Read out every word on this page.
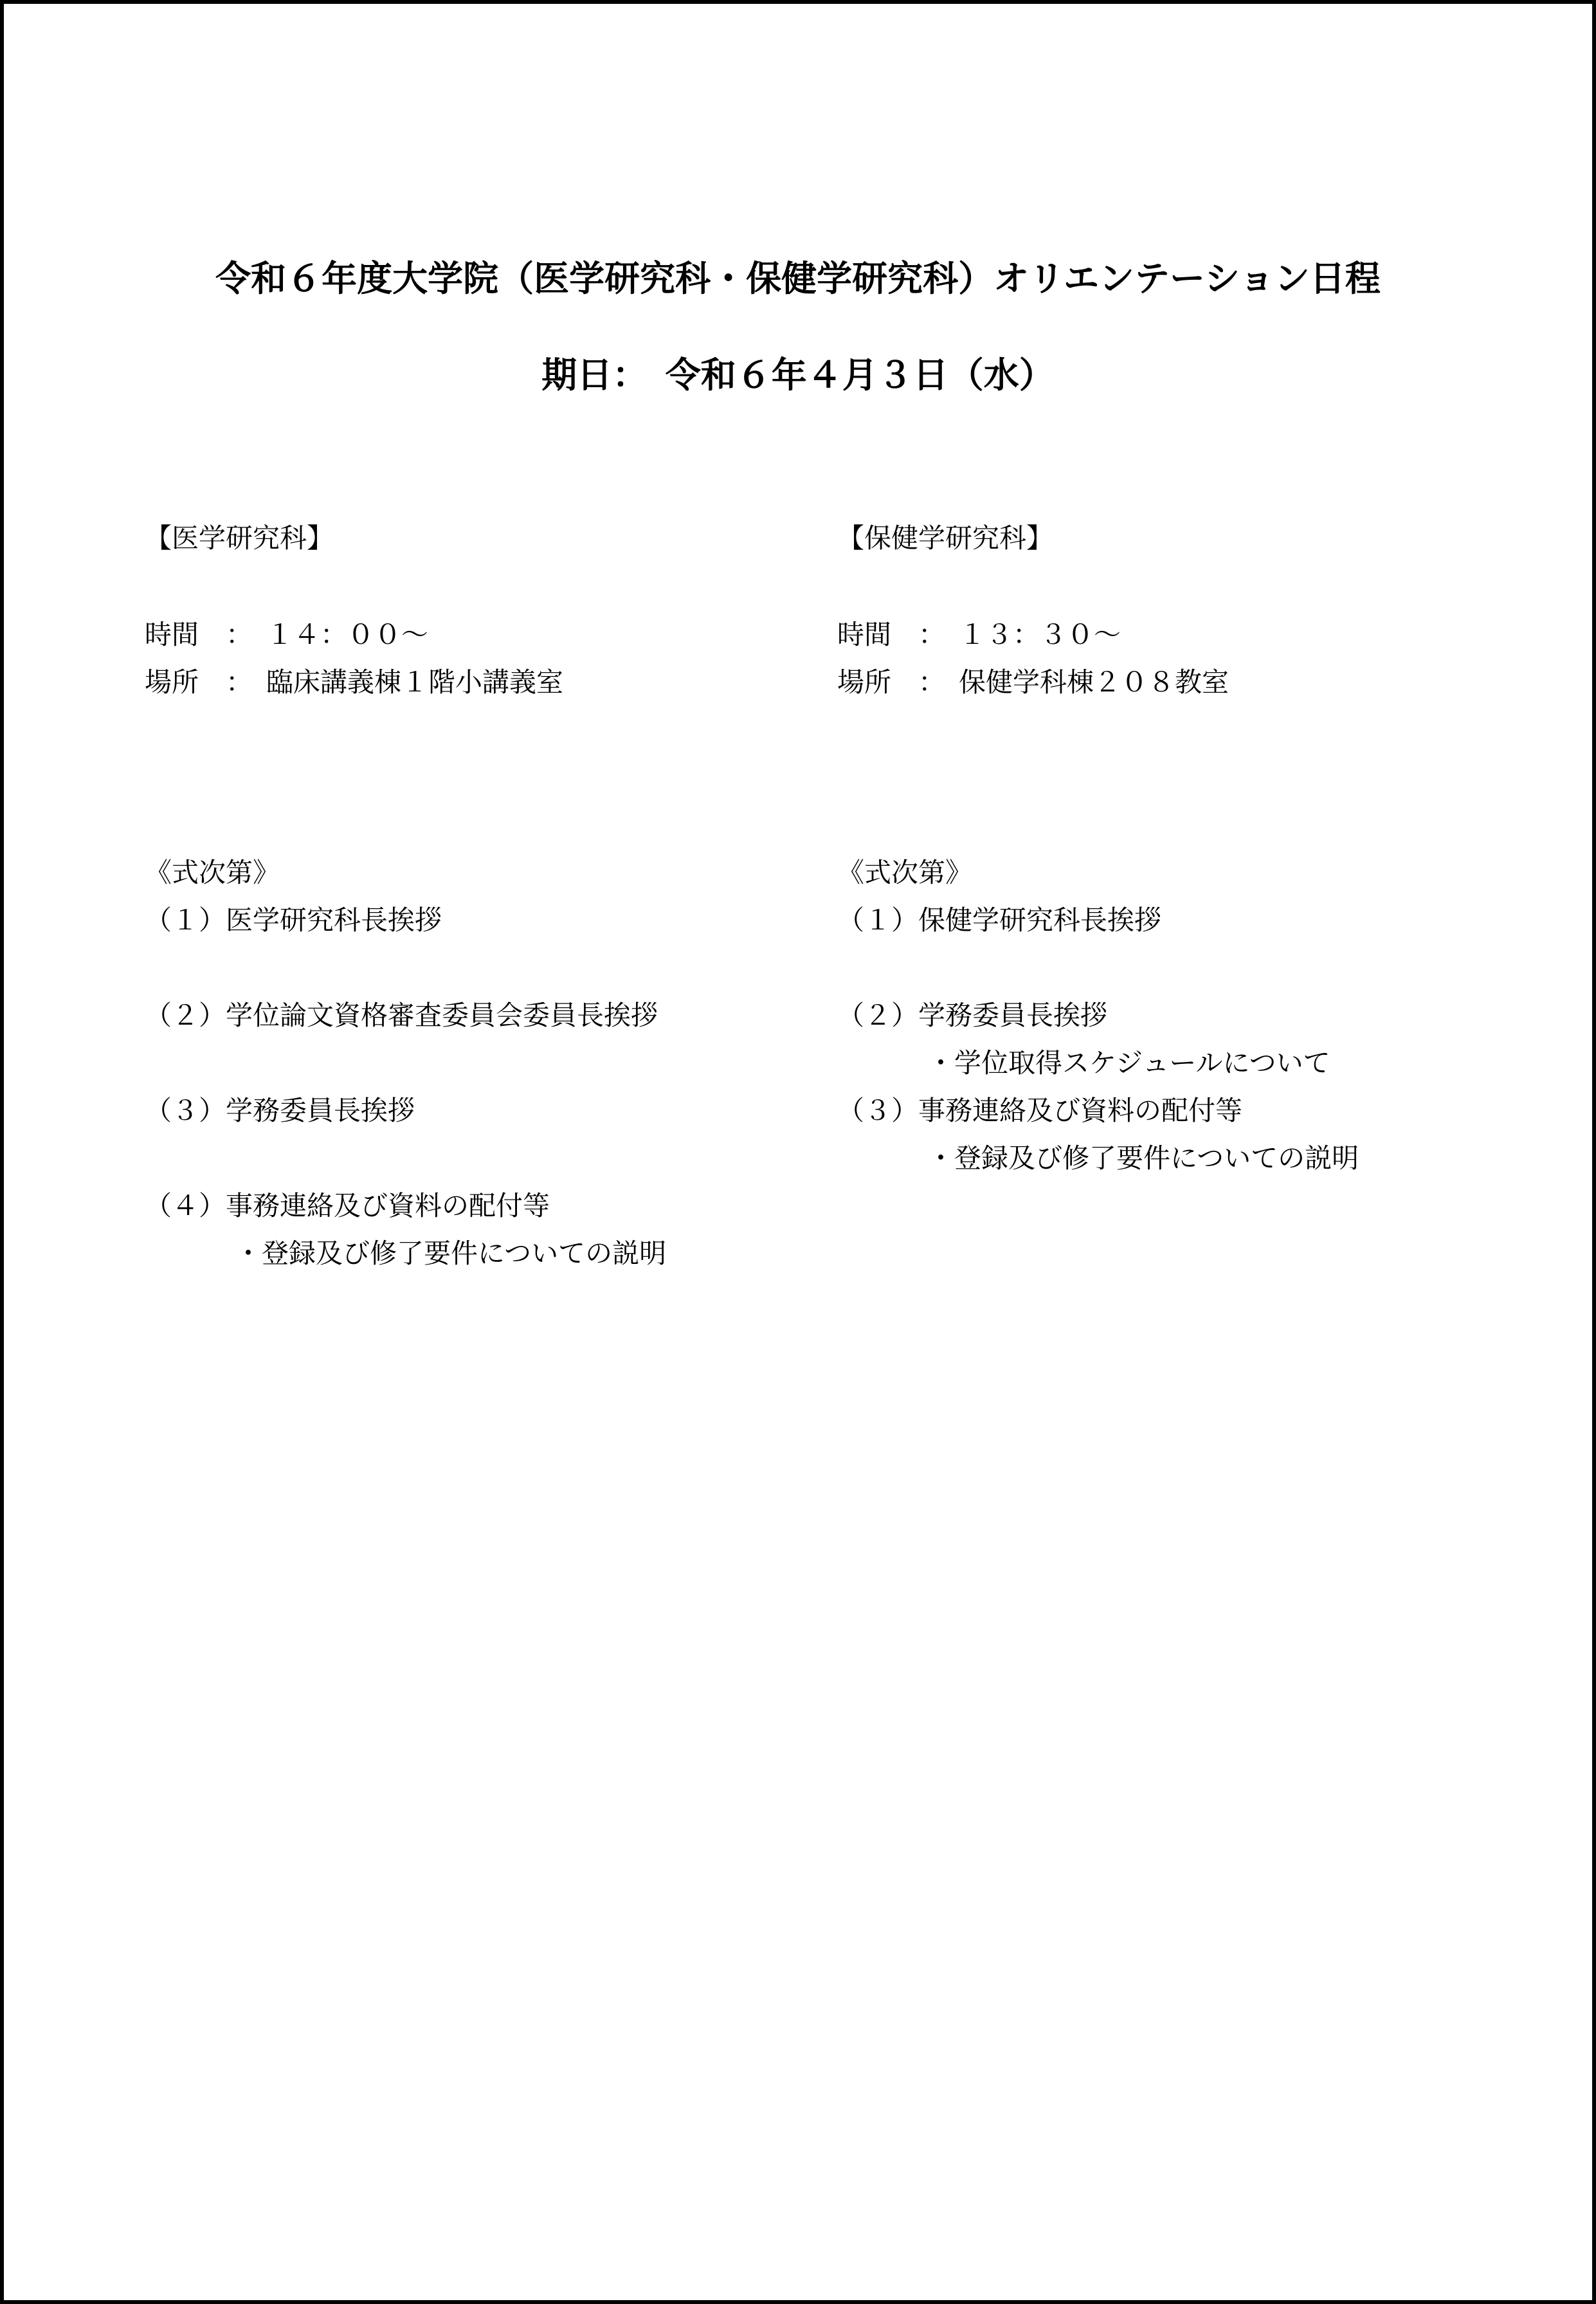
令和６年度大学院（医学研究科・保健学研究科）オリエンテーション日程
期日：　令和６年４月３日（水）
【医学研究科】
時間　：　１４：００～
場所　：　臨床講義棟１階小講義室
《式次第》
（１）医学研究科長挨拶
（２）学位論文資格審査委員会委員長挨拶
（３）学務委員長挨拶
（４）事務連絡及び資料の配付等
・登録及び修了要件についての説明
【保健学研究科】
時間　：　１３：３０～
場所　：　保健学科棟２０８教室
《式次第》
（１）保健学研究科長挨拶
（２）学務委員長挨拶
・学位取得スケジュールについて
（３）事務連絡及び資料の配付等
・登録及び修了要件についての説明
